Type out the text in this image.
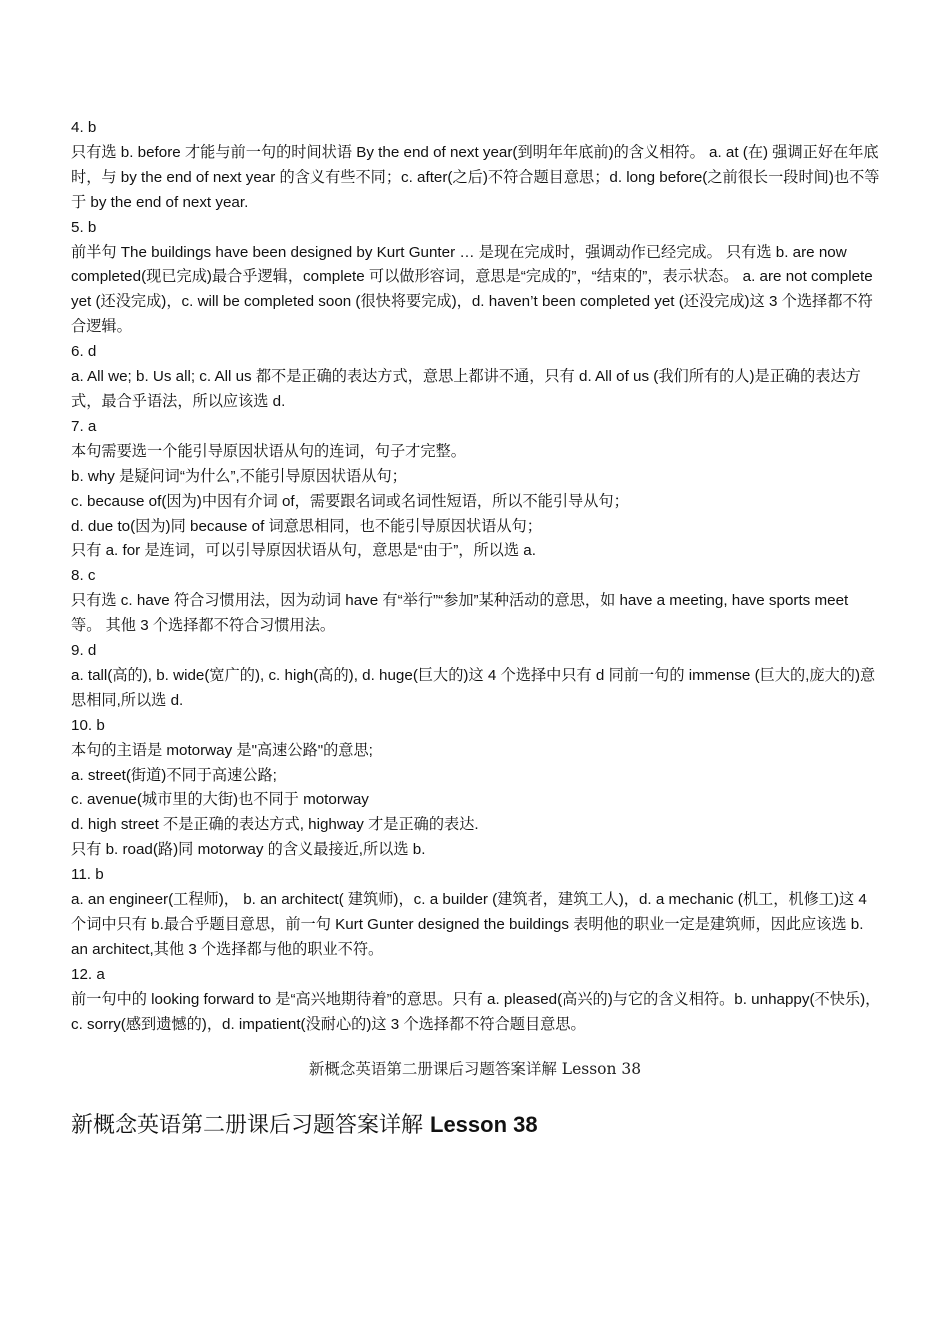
4. b
只有选 b. before 才能与前一句的时间状语 By the end of next year(到明年年底前)的含义相符。 a. at (在) 强调正好在年底时，与 by the end of next year 的含义有些不同；c. after(之后)不符合题目意思；d. long before(之前很长一段时间)也不等于 by the end of next year.
5. b
前半句 The buildings have been designed by Kurt Gunter … 是现在完成时，强调动作已经完成。 只有选 b. are now completed(现已完成)最合乎逻辑，complete 可以做形容词，意思是“完成的”，“结束的”，表示状态。 a. are not complete yet (还没完成)，c. will be completed soon (很快将要完成)，d. haven’t been completed yet (还没完成)这 3 个选择都不符合逻辑。
6. d
a. All we; b. Us all; c. All us 都不是正确的表达方式，意思上都讲不通，只有 d. All of us (我们所有的人)是正确的表达方式，最合乎语法，所以应该选 d.
7. a
本句需要选一个能引导原因状语从句的连词，句子才完整。
b. why 是疑问词“为什么”,不能引导原因状语从句；
c. because of(因为)中因有介词 of，需要跟名词或名词性短语，所以不能引导从句；
d. due to(因为)同 because of 词意思相同，也不能引导原因状语从句；
只有 a. for 是连词，可以引导原因状语从句，意思是“由于”，所以选 a.
8. c
只有选 c. have 符合习惯用法，因为动词 have 有“举行”“参加”某种活动的意思，如 have a meeting, have sports meet 等。 其他 3 个选择都不符合习惯用法。
9. d
a. tall(高的), b. wide(宽广的), c. high(高的), d. huge(巨大的)这 4 个选择中只有 d 同前一句的 immense (巨大的,庞大的)意思相同,所以选 d.
10. b
本句的主语是 motorway 是"高速公路"的意思;
a. street(街道)不同于高速公路;
c. avenue(城市里的大街)也不同于 motorway
d. high street 不是正确的表达方式, highway 才是正确的表达.
只有 b. road(路)同 motorway 的含义最接近,所以选 b.
11. b
a. an engineer(工程师)， b. an architect( 建筑师)，c. a builder (建筑者，建筑工人)，d. a mechanic (机工，机修工)这 4 个词中只有 b.最合乎题目意思，前一句 Kurt Gunter designed the buildings 表明他的职业一定是建筑师，因此应该选 b. an architect,其他 3 个选择都与他的职业不符。
12. a
前一句中的 looking forward to 是“高兴地期待着”的意思。只有 a. pleased(高兴的)与它的含义相符。b. unhappy(不快乐)，c. sorry(感到遗憾的)，d. impatient(没耐心的)这 3 个选择都不符合题目意思。
新概念英语第二册课后习题答案详解 Lesson 38
新概念英语第二册课后习题答案详解 Lesson 38
